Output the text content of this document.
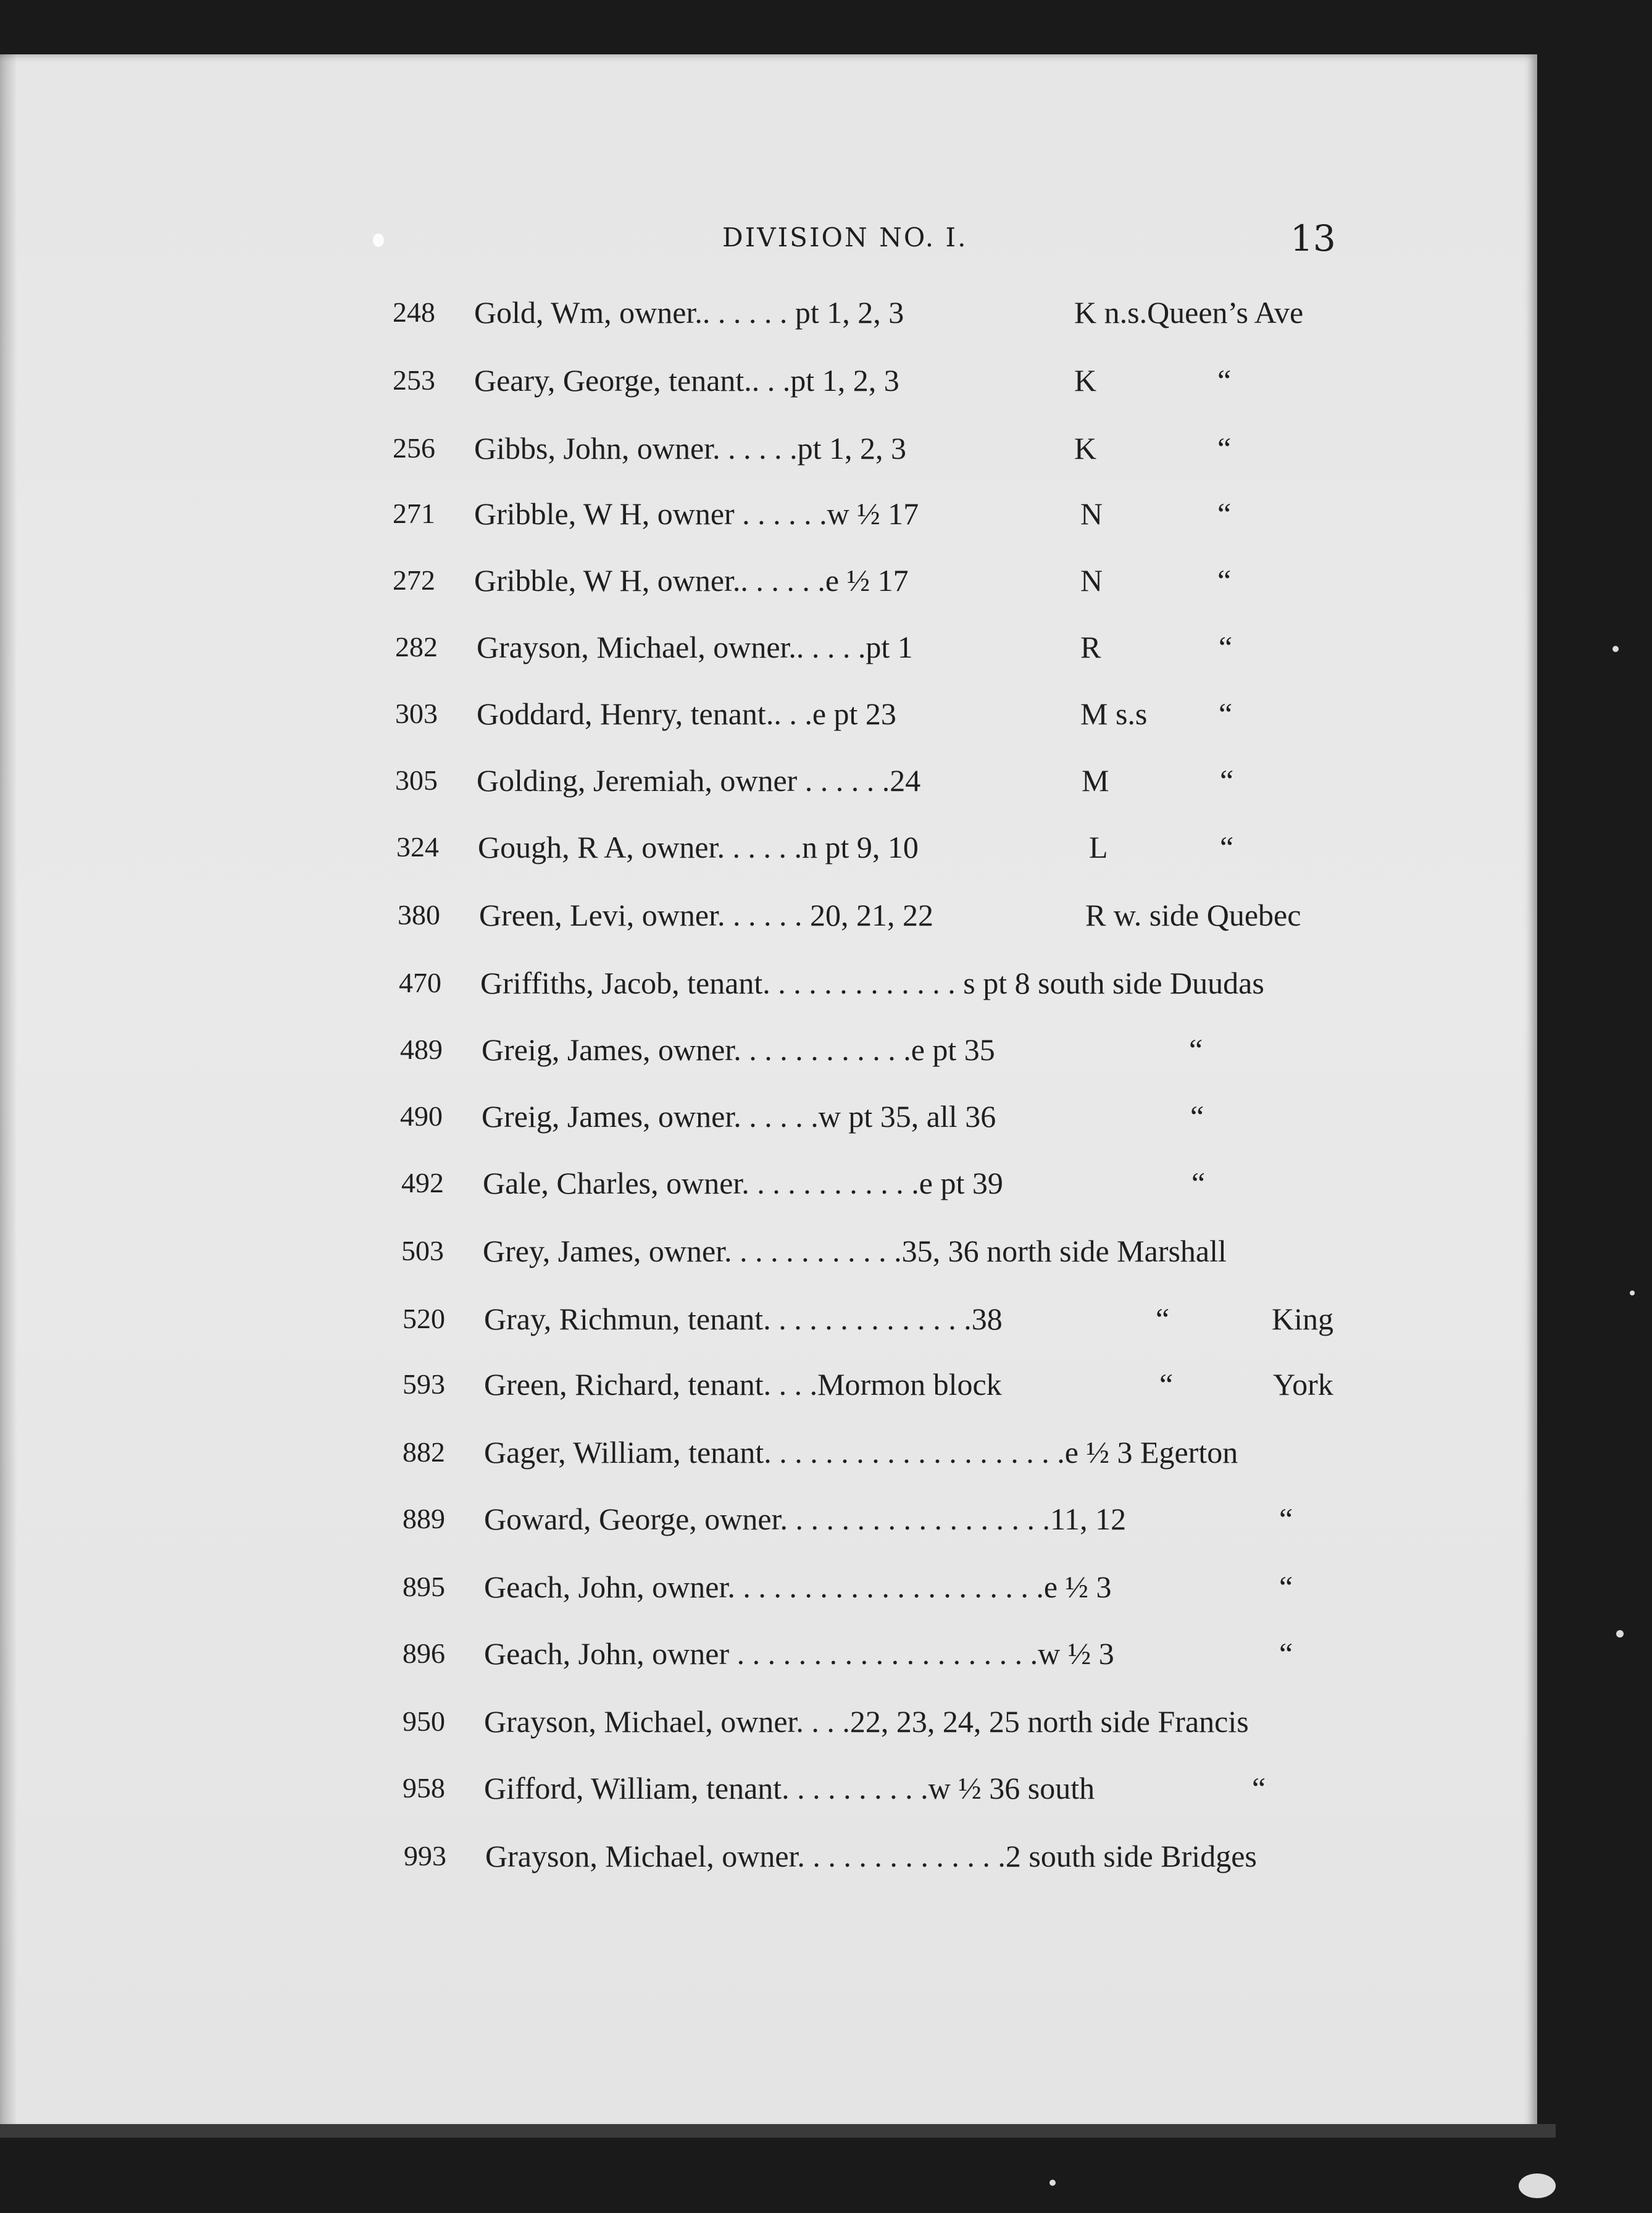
DIVISION NO. I.	13
248 Gold, Wm, owner.. . . . . . pt 1, 2, 3	K n.s.Queen’s Ave
253 Geary, George, tenant.. . .pt 1, 2, 3	K	“
256 Gibbs, John, owner. . . . . .pt 1, 2, 3	K	“
271 Gribble, W H, owner . . . . . .w ½ 17	N	“
272 Gribble, W H, owner.. . . . . .e ½ 17	N	“
282 Grayson, Michael, owner.. . . . .pt 1	R	“
303 Goddard, Henry, tenant.. . .e pt 23	M s.s “
305 Golding, Jeremiah, owner . . . . . .24	M	“
324 Gough, R A, owner. . . . . .n pt 9, 10	L	“
380 Green, Levi, owner. . . . . . 20, 21, 22	R w. side Quebec
470 Griffiths, Jacob, tenant. . . . . . . . . . . . . s pt 8 south side Duudas
489 Greig, James, owner. . . . . . . . . . . .e pt 35	“
490 Greig, James, owner. . . . . .w pt 35, all 36	“
492 Gale, Charles, owner. . . . . . . . . . . .e pt 39	“
503 Grey, James, owner. . . . . . . . . . . .35, 36 north side Marshall
520 Gray, Richmun, tenant. . . . . . . . . . . . . .38	“	King
593 Green, Richard, tenant. . . .Mormon block	“	York
882 Gager, William, tenant. . . . . . . . . . . . . . . . . . . .e ½ 3 Egerton
889 Goward, George, owner. . . . . . . . . . . . . . . . . .11, 12	“
895 Geach, John, owner. . . . . . . . . . . . . . . . . . . . .e ½ 3	“
896 Geach, John, owner . . . . . . . . . . . . . . . . . . . .w ½ 3	“
950 Grayson, Michael, owner. . . .22, 23, 24, 25 north side Francis
958 Gifford, William, tenant. . . . . . . . . .w ½ 36 south	“
993 Grayson, Michael, owner. . . . . . . . . . . . . .2 south side Bridges
